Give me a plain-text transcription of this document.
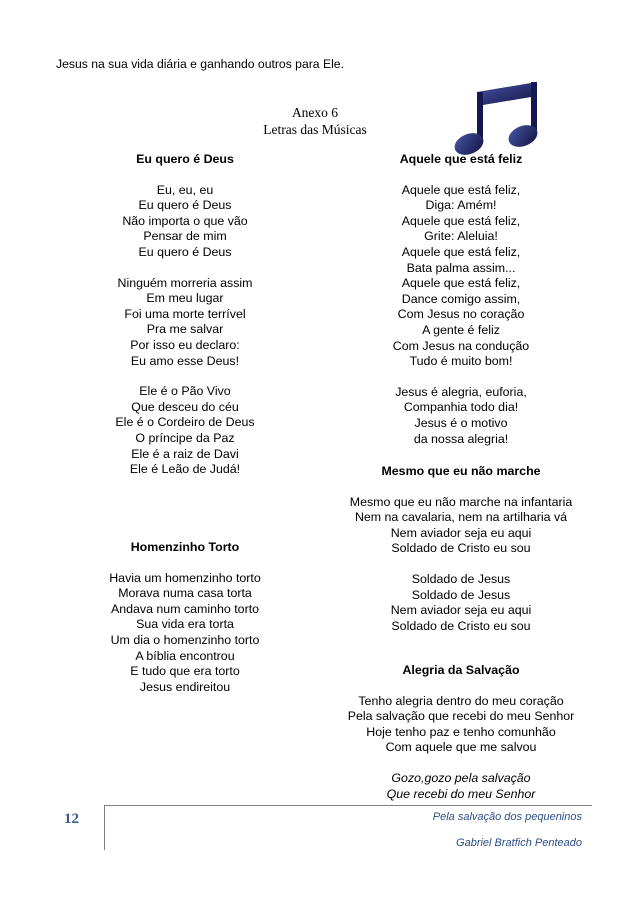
Jesus na sua vida diária e ganhando outros para Ele.
Anexo 6
Letras das Músicas
Eu quero é Deus
Eu, eu, eu
Eu quero é Deus
Não importa o que vão
Pensar de mim
Eu quero é Deus
Ninguém morreria assim
Em meu lugar
Foi uma morte terrível
Pra me salvar
Por isso eu declaro:
Eu amo esse Deus!
Ele é o Pão Vivo
Que desceu do céu
Ele é o Cordeiro de Deus
O príncipe da Paz
Ele é a raiz de Davi
Ele é Leão de Judá!
Homenzinho Torto
Havia um homenzinho torto
Morava numa casa torta
Andava num caminho torto
Sua vida era torta
Um dia o homenzinho torto
A bíblia encontrou
E tudo que era torto
Jesus endireitou
Aquele que está feliz
Aquele que está feliz,
Diga: Amém!
Aquele que está feliz,
Grite: Aleluia!
Aquele que está feliz,
Bata palma assim...
Aquele que está feliz,
Dance comigo assim,
Com Jesus no coração
A gente é feliz
Com Jesus na condução
Tudo é muito bom!
Jesus é alegria, euforia,
Companhia todo dia!
Jesus é o motivo
da nossa alegria!
Mesmo que eu não marche
Mesmo que eu não marche na infantaria
Nem na cavalaria, nem na artilharia vá
Nem aviador seja eu aqui
Soldado de Cristo eu sou
Soldado de Jesus
Soldado de Jesus
Nem aviador seja eu aqui
Soldado de Cristo eu sou
Alegria da Salvação
Tenho alegria dentro do meu coração
Pela salvação que recebi do meu Senhor
Hoje tenho paz e tenho comunhão
Com aquele que me salvou
Gozo,gozo pela salvação
Que recebi do meu Senhor
12	Pela salvação dos pequeninos
Gabriel Bratfich Penteado
